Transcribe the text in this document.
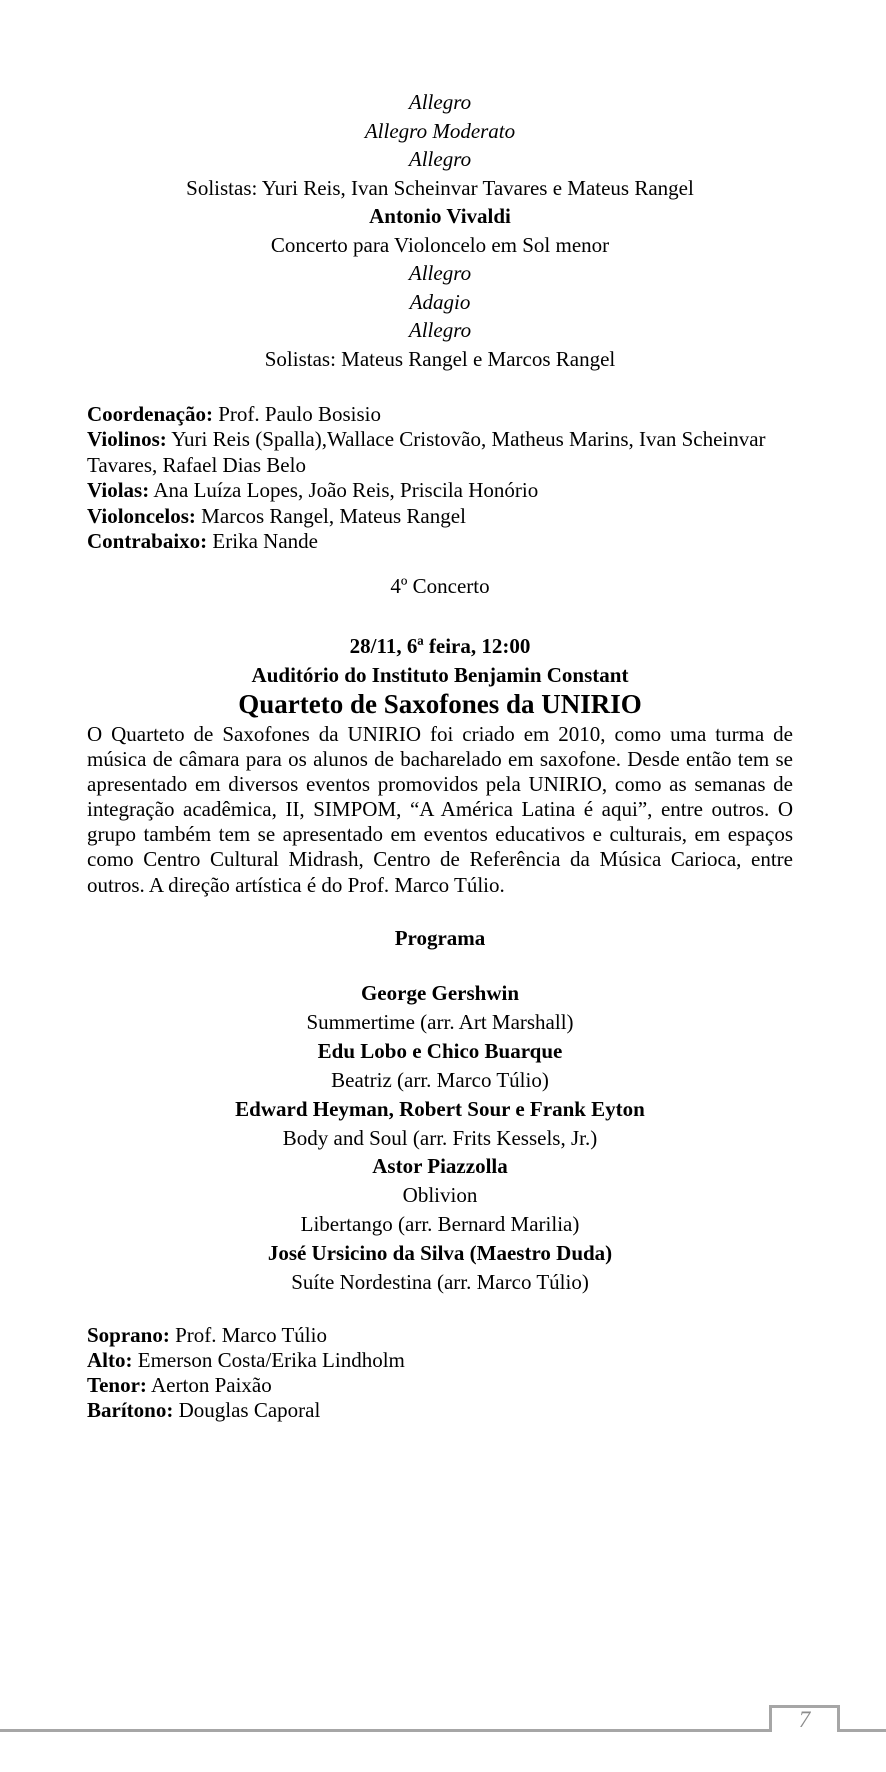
Allegro
Allegro Moderato
Allegro
Solistas: Yuri Reis, Ivan Scheinvar Tavares e Mateus Rangel
Antonio Vivaldi
Concerto para Violoncelo em Sol menor
Allegro
Adagio
Allegro
Solistas: Mateus Rangel e Marcos Rangel
Coordenação: Prof. Paulo Bosisio
Violinos: Yuri Reis (Spalla),Wallace Cristovão, Matheus Marins, Ivan Scheinvar Tavares, Rafael Dias Belo
Violas: Ana Luíza Lopes, João Reis, Priscila Honório
Violoncelos: Marcos Rangel, Mateus Rangel
Contrabaixo: Erika Nande
4º Concerto
28/11, 6ª feira, 12:00
Auditório do Instituto Benjamin Constant
Quarteto de Saxofones da UNIRIO
O Quarteto de Saxofones da UNIRIO foi criado em 2010, como uma turma de
música de câmara para os alunos de bacharelado em saxofone. Desde então tem se
apresentado em diversos eventos promovidos pela UNIRIO, como as semanas de
integração acadêmica, II, SIMPOM, “A América Latina é aqui”, entre outros. O
grupo também tem se apresentado em eventos educativos e culturais, em espaços
como Centro Cultural Midrash, Centro de Referência da Música Carioca, entre
outros. A direção artística é do Prof. Marco Túlio.
Programa
George Gershwin
Summertime (arr. Art Marshall)
Edu Lobo e Chico Buarque
Beatriz (arr. Marco Túlio)
Edward Heyman, Robert Sour e Frank Eyton
Body and Soul (arr. Frits Kessels, Jr.)
Astor Piazzolla
Oblivion
Libertango (arr. Bernard Marilia)
José Ursicino da Silva (Maestro Duda)
Suíte Nordestina (arr. Marco Túlio)
Soprano: Prof. Marco Túlio
Alto: Emerson Costa/Erika Lindholm
Tenor: Aerton Paixão
Barítono: Douglas Caporal
7
